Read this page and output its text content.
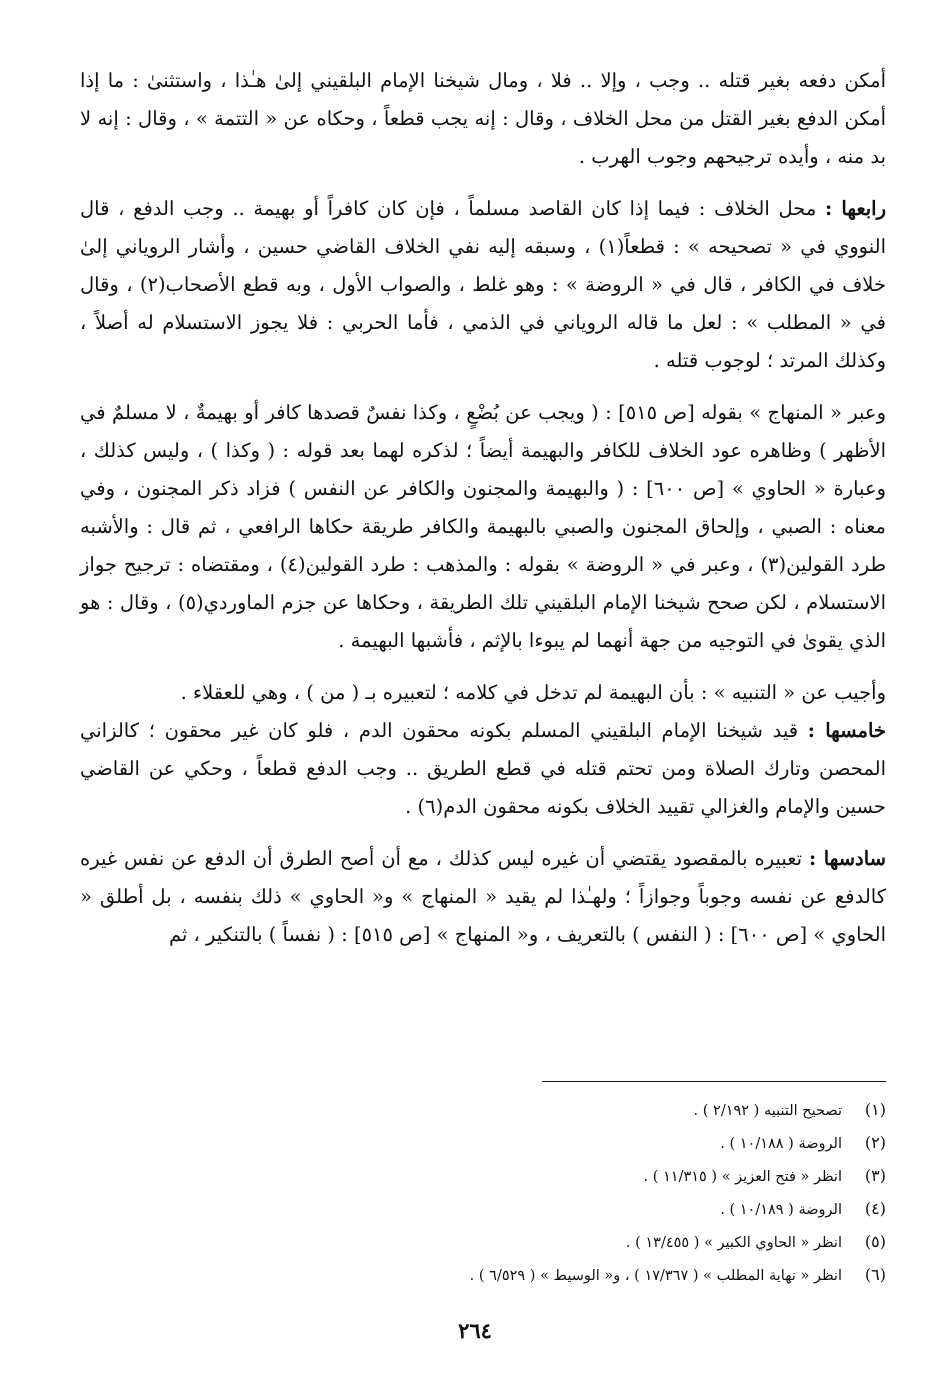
أمكن دفعه بغير قتله .. وجب ، وإلا .. فلا ، ومال شيخنا الإمام البلقيني إلىٰ هـٰذا ، واستثنىٰ : ما إذا أمكن الدفع بغير القتل من محل الخلاف ، وقال : إنه يجب قطعاً ، وحكاه عن « التتمة » ، وقال : إنه لا بد منه ، وأيده ترجيحهم وجوب الهرب .

رابعها : محل الخلاف : فيما إذا كان القاصد مسلماً ، فإن كان كافراً أو بهيمة .. وجب الدفع ، قال النووي في « تصحيحه » : قطعاً(١) ، وسبقه إليه نفي الخلاف القاضي حسين ، وأشار الروياني إلىٰ خلاف في الكافر ، قال في « الروضة » : وهو غلط ، والصواب الأول ، وبه قطع الأصحاب(٢) ، وقال في « المطلب » : لعل ما قاله الروياني في الذمي ، فأما الحربي : فلا يجوز الاستسلام له أصلاً ، وكذلك المرتد ؛ لوجوب قتله .

وعبر « المنهاج » بقوله [ص ٥١٥] : ( ويجب عن بُضْعٍ ، وكذا نفسٌ قصدها كافر أو بهيمةٌ ، لا مسلمٌ في الأظهر ) وظاهره عود الخلاف للكافر والبهيمة أيضاً ؛ لذكره لهما بعد قوله : ( وكذا ) ، وليس كذلك ، وعبارة « الحاوي » [ص ٦٠٠] : ( والبهيمة والمجنون والكافر عن النفس ) فزاد ذكر المجنون ، وفي معناه : الصبي ، وإلحاق المجنون والصبي بالبهيمة والكافر طريقة حكاها الرافعي ، ثم قال : والأشبه طرد القولين(٣) ، وعبر في « الروضة » بقوله : والمذهب : طرد القولين(٤) ، ومقتضاه : ترجيح جواز الاستسلام ، لكن صحح شيخنا الإمام البلقيني تلك الطريقة ، وحكاها عن جزم الماوردي(٥) ، وقال : هو الذي يقوىٰ في التوجيه من جهة أنهما لم يبوءا بالإثم ، فأشبها البهيمة .

وأجيب عن « التنبيه » : بأن البهيمة لم تدخل في كلامه ؛ لتعبيره بـ ( من ) ، وهي للعقلاء .

خامسها : قيد شيخنا الإمام البلقيني المسلم بكونه محقون الدم ، فلو كان غير محقون ؛ كالزاني المحصن وتارك الصلاة ومن تحتم قتله في قطع الطريق .. وجب الدفع قطعاً ، وحكي عن القاضي حسين والإمام والغزالي تقييد الخلاف بكونه محقون الدم(٦) .

سادسها : تعبيره بالمقصود يقتضي أن غيره ليس كذلك ، مع أن أصح الطرق أن الدفع عن نفس غيره كالدفع عن نفسه وجوباً وجوازاً ؛ ولهـٰذا لم يقيد « المنهاج » و« الحاوي » ذلك بنفسه ، بل أطلق « الحاوي » [ص ٦٠٠] : ( النفس ) بالتعريف ، و« المنهاج » [ص ٥١٥] : ( نفساً ) بالتنكير ، ثم

(١)تصحيح التنبيه ( ٢/١٩٢ ) .
(٢)الروضة ( ١٠/١٨٨ ) .
(٣)انظر « فتح العزيز » ( ١١/٣١٥ ) .
(٤)الروضة ( ١٠/١٨٩ ) .
(٥)انظر « الحاوي الكبير » ( ١٣/٤٥٥ ) .
(٦)انظر « نهاية المطلب » ( ١٧/٣٦٧ ) ، و« الوسيط » ( ٦/٥٢٩ ) .
٢٦٤
